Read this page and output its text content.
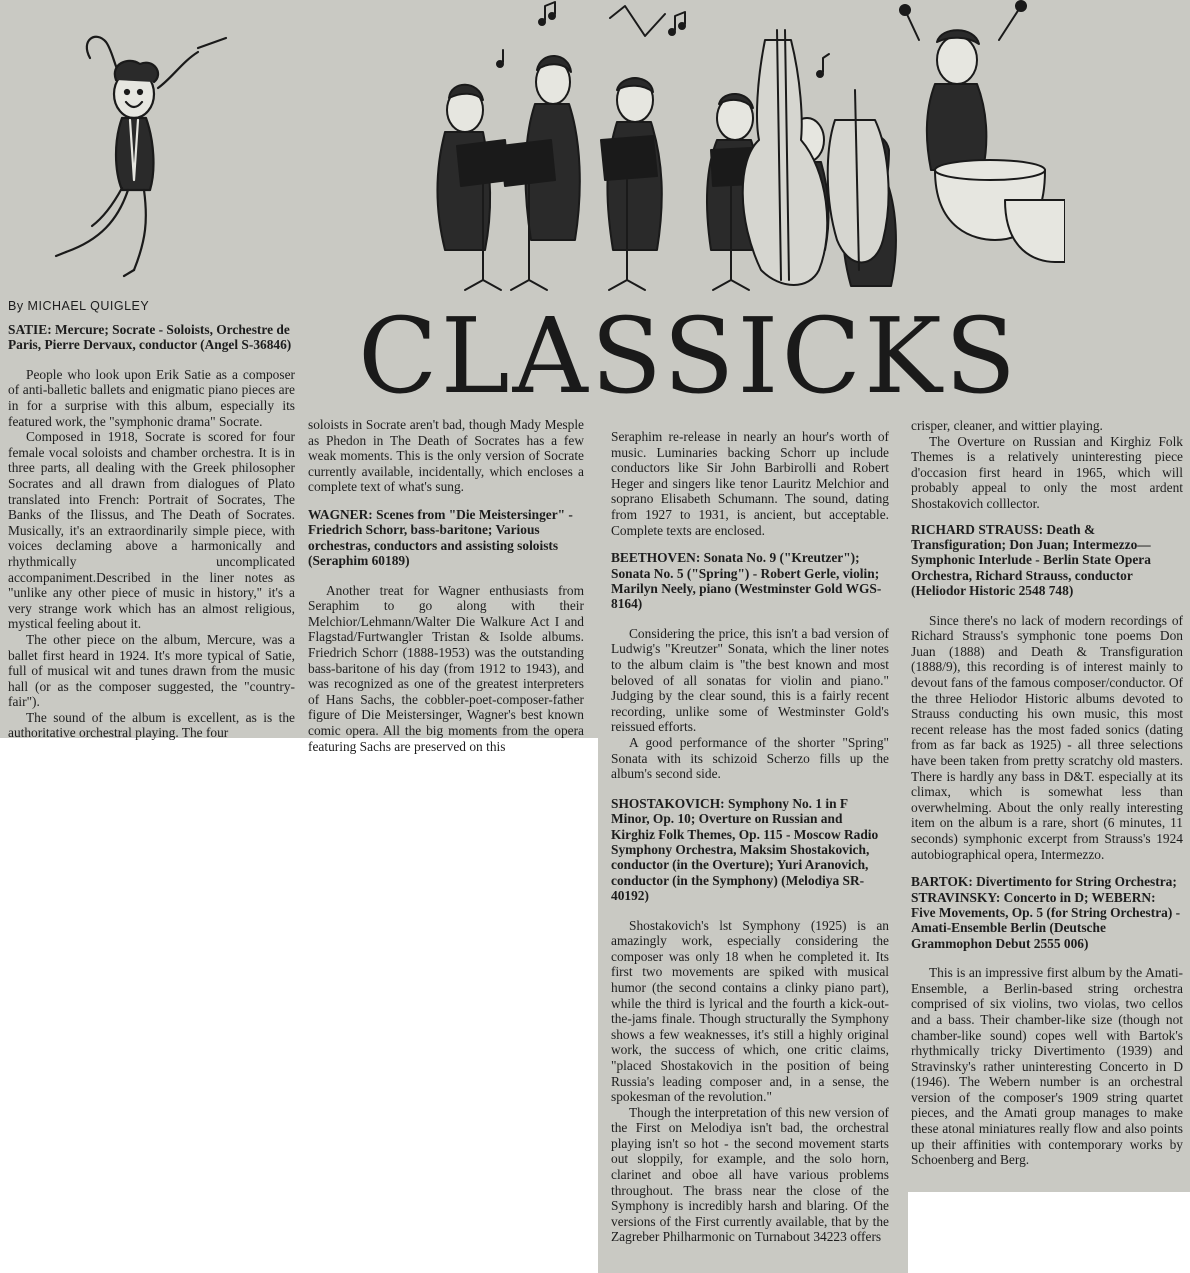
By MICHAEL QUIGLEY CLASSICKS
SATIE: Mercure; Socrate - Soloists, Orchestre de Paris, Pierre Dervaux, conductor (Angel S-36846)

People who look upon Erik Satie as a composer of anti-balletic ballets and enigmatic piano pieces are in for a surprise with this album, especially its featured work, the "symphonic drama" Socrate.

Composed in 1918, Socrate is scored for four female vocal soloists and chamber orchestra. It is in three parts, all dealing with the Greek philosopher Socrates and all drawn from dialogues of Plato translated into French: Portrait of Socrates, The Banks of the Ilissus, and The Death of Socrates. Musically, it's an extraordinarily simple piece, with voices declaming above a harmonically and rhythmically uncomplicated accompaniment.Described in the liner notes as "unlike any other piece of music in history," it's a very strange work which has an almost religious, mystical feeling about it.

The other piece on the album, Mercure, was a ballet first heard in 1924. It's more typical of Satie, full of musical wit and tunes drawn from the music hall (or as the composer suggested, the "country-fair").

The sound of the album is excellent, as is the authoritative orchestral playing. The four

soloists in Socrate aren't bad, though Mady Mesple as Phedon in The Death of Socrates has a few weak moments. This is the only version of Socrate currently available, incidentally, which encloses a complete text of what's sung.

WAGNER: Scenes from "Die Meistersinger" - Friedrich Schorr, bass-baritone; Various orchestras, conductors and assisting soloists (Seraphim 60189)

Another treat for Wagner enthusiasts from Seraphim to go along with their Melchior/Lehmann/Walter Die Walkure Act I and Flagstad/Furtwangler Tristan & Isolde albums. Friedrich Schorr (1888-1953) was the outstanding bass-baritone of his day (from 1912 to 1943), and was recognized as one of the greatest interpreters of Hans Sachs, the cobbler-poet-composer-father figure of Die Meistersinger, Wagner's best known comic opera. All the big moments from the opera featuring Sachs are preserved on this

Seraphim re-release in nearly an hour's worth of music. Luminaries backing Schorr up include conductors like Sir John Barbirolli and Robert Heger and singers like tenor Lauritz Melchior and soprano Elisabeth Schumann. The sound, dating from 1927 to 1931, is ancient, but acceptable. Complete texts are enclosed.

BEETHOVEN: Sonata No. 9 ("Kreutzer"); Sonata No. 5 ("Spring") - Robert Gerle, violin; Marilyn Neely, piano (Westminster Gold WGS-8164)

Considering the price, this isn't a bad version of Ludwig's "Kreutzer" Sonata, which the liner notes to the album claim is "the best known and most beloved of all sonatas for violin and piano." Judging by the clear sound, this is a fairly recent recording, unlike some of Westminster Gold's reissued efforts.

A good performance of the shorter "Spring" Sonata with its schizoid Scherzo fills up the album's second side.

SHOSTAKOVICH: Symphony No. 1 in F Minor, Op. 10; Overture on Russian and Kirghiz Folk Themes, Op. 115 - Moscow Radio Symphony Orchestra, Maksim Shostakovich, conductor (in the Overture); Yuri Aranovich, conductor (in the Symphony) (Melodiya SR-40192)

Shostakovich's lst Symphony (1925) is an amazingly work, especially considering the composer was only 18 when he completed it. Its first two movements are spiked with musical humor (the second contains a clinky piano part), while the third is lyrical and the fourth a kick-out-the-jams finale. Though structurally the Symphony shows a few weaknesses, it's still a highly original work, the success of which, one critic claims, "placed Shostakovich in the position of being Russia's leading composer and, in a sense, the spokesman of the revolution."

Though the interpretation of this new version of the First on Melodiya isn't bad, the orchestral playing isn't so hot - the second movement starts out sloppily, for example, and the solo horn, clarinet and oboe all have various problems throughout. The brass near the close of the Symphony is incredibly harsh and blaring. Of the versions of the First currently available, that by the Zagreber Philharmonic on Turnabout 34223 offers

crisper, cleaner, and wittier playing.

The Overture on Russian and Kirghiz Folk Themes is a relatively uninteresting piece d'occasion first heard in 1965, which will probably appeal to only the most ardent Shostakovich colllector.

RICHARD STRAUSS: Death & Transfiguration; Don Juan; Intermezzo—Symphonic Interlude - Berlin State Opera Orchestra, Richard Strauss, conductor (Heliodor Historic 2548 748)

Since there's no lack of modern recordings of Richard Strauss's symphonic tone poems Don Juan (1888) and Death & Transfiguration (1888/9), this recording is of interest mainly to devout fans of the famous composer/conductor. Of the three Heliodor Historic albums devoted to Strauss conducting his own music, this most recent release has the most faded sonics (dating from as far back as 1925) - all three selections have been taken from pretty scratchy old masters. There is hardly any bass in D&T. especially at its climax, which is somewhat less than overwhelming. About the only really interesting item on the album is a rare, short (6 minutes, 11 seconds) symphonic excerpt from Strauss's 1924 autobiographical opera, Intermezzo.

BARTOK: Divertimento for String Orchestra; STRAVINSKY: Concerto in D; WEBERN: Five Movements, Op. 5 (for String Orchestra) - Amati-Ensemble Berlin (Deutsche Grammophon Debut 2555 006)

This is an impressive first album by the Amati-Ensemble, a Berlin-based string orchestra comprised of six violins, two violas, two cellos and a bass. Their chamber-like size (though not chamber-like sound) copes well with Bartok's rhythmically tricky Divertimento (1939) and Stravinsky's rather uninteresting Concerto in D (1946). The Webern number is an orchestral version of the composer's 1909 string quartet pieces, and the Amati group manages to make these atonal miniatures really flow and also points up their affinities with contemporary works by Schoenberg and Berg.
